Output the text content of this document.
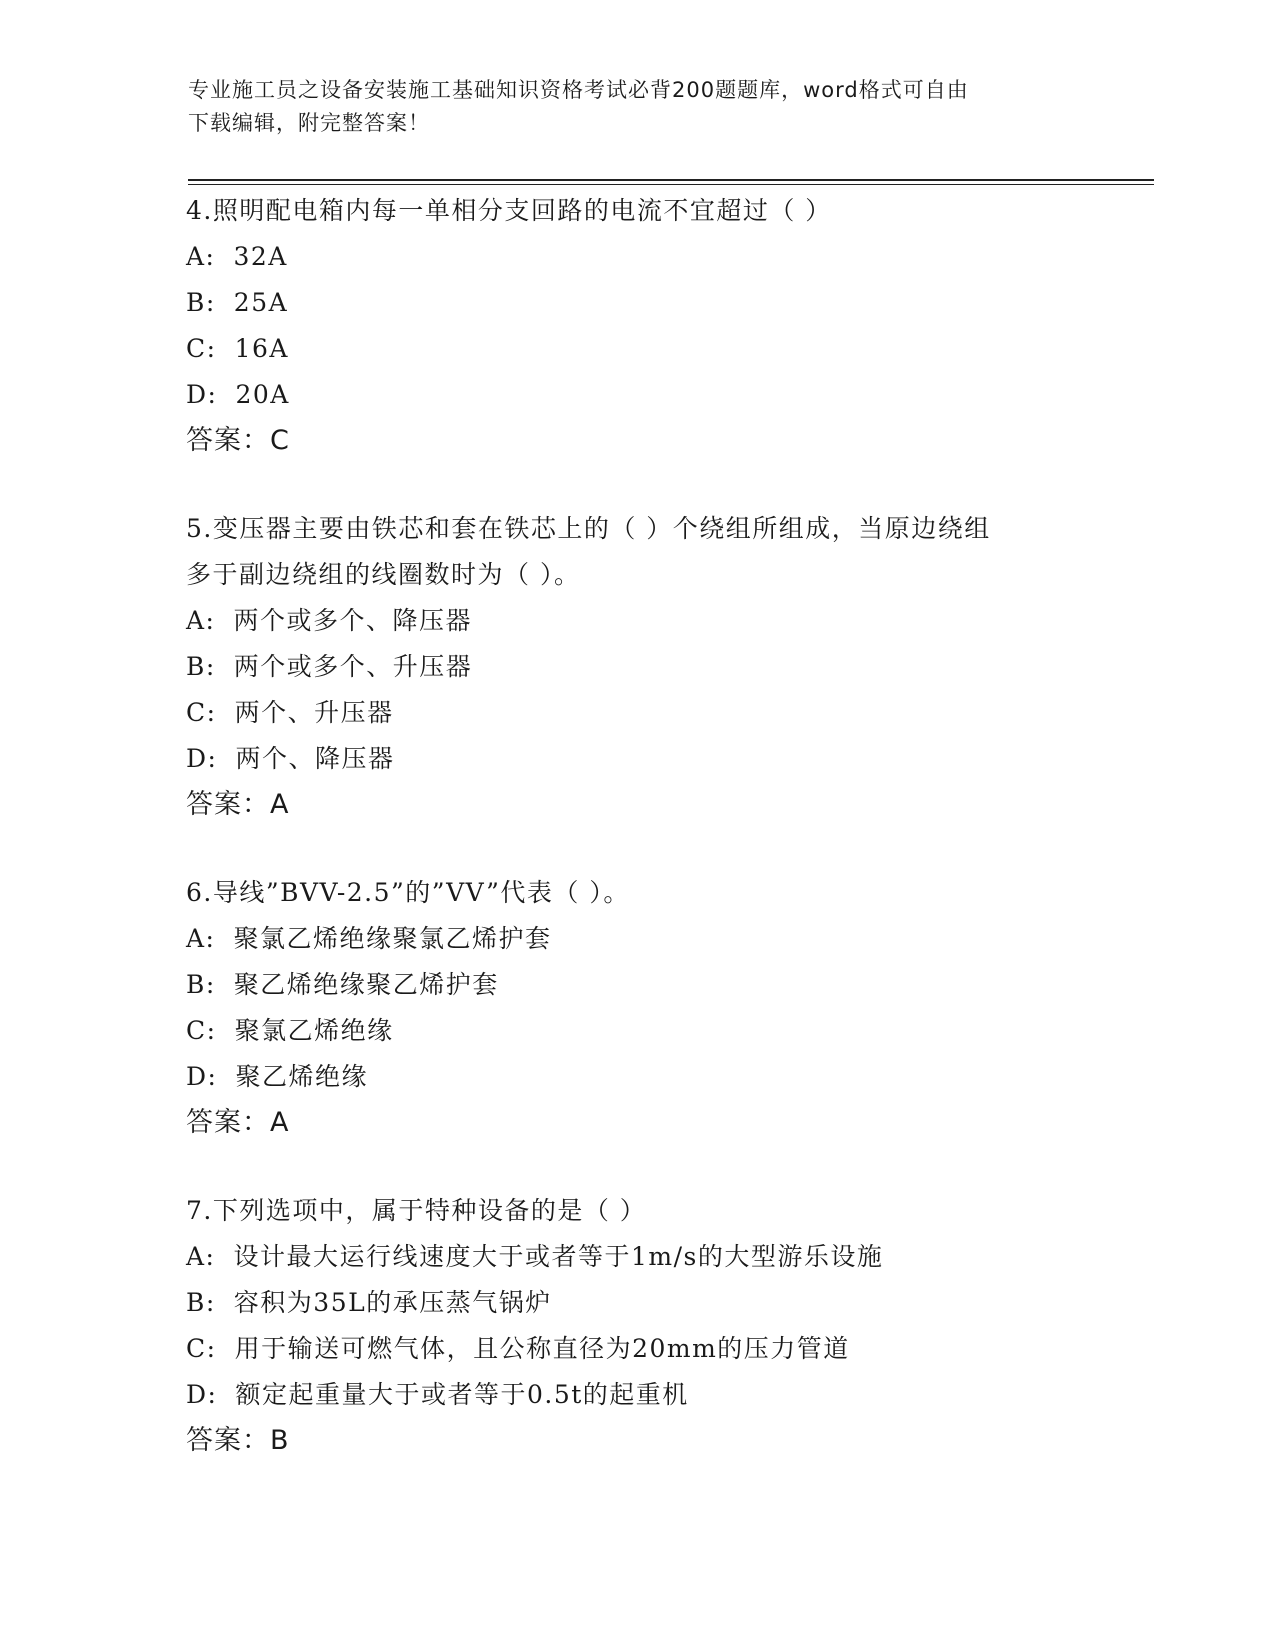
专业施工员之设备安装施工基础知识资格考试必背200题题库，word格式可自由
下载编辑，附完整答案！
4.照明配电箱内每一单相分支回路的电流不宜超过（ ）
A: 32A
B: 25A
C: 16A
D: 20A
答案：C
5.变压器主要由铁芯和套在铁芯上的（ ）个绕组所组成，当原边绕组
多于副边绕组的线圈数时为（ ）。
A: 两个或多个、降压器
B: 两个或多个、升压器
C: 两个、升压器
D: 两个、降压器
答案：A
6.导线”BVV-2.5”的”VV”代表（ ）。
A: 聚氯乙烯绝缘聚氯乙烯护套
B: 聚乙烯绝缘聚乙烯护套
C: 聚氯乙烯绝缘
D: 聚乙烯绝缘
答案：A
7.下列选项中，属于特种设备的是（ ）
A: 设计最大运行线速度大于或者等于1m/s的大型游乐设施
B: 容积为35L的承压蒸气锅炉
C: 用于输送可燃气体，且公称直径为20mm的压力管道
D: 额定起重量大于或者等于0.5t的起重机
答案：B
